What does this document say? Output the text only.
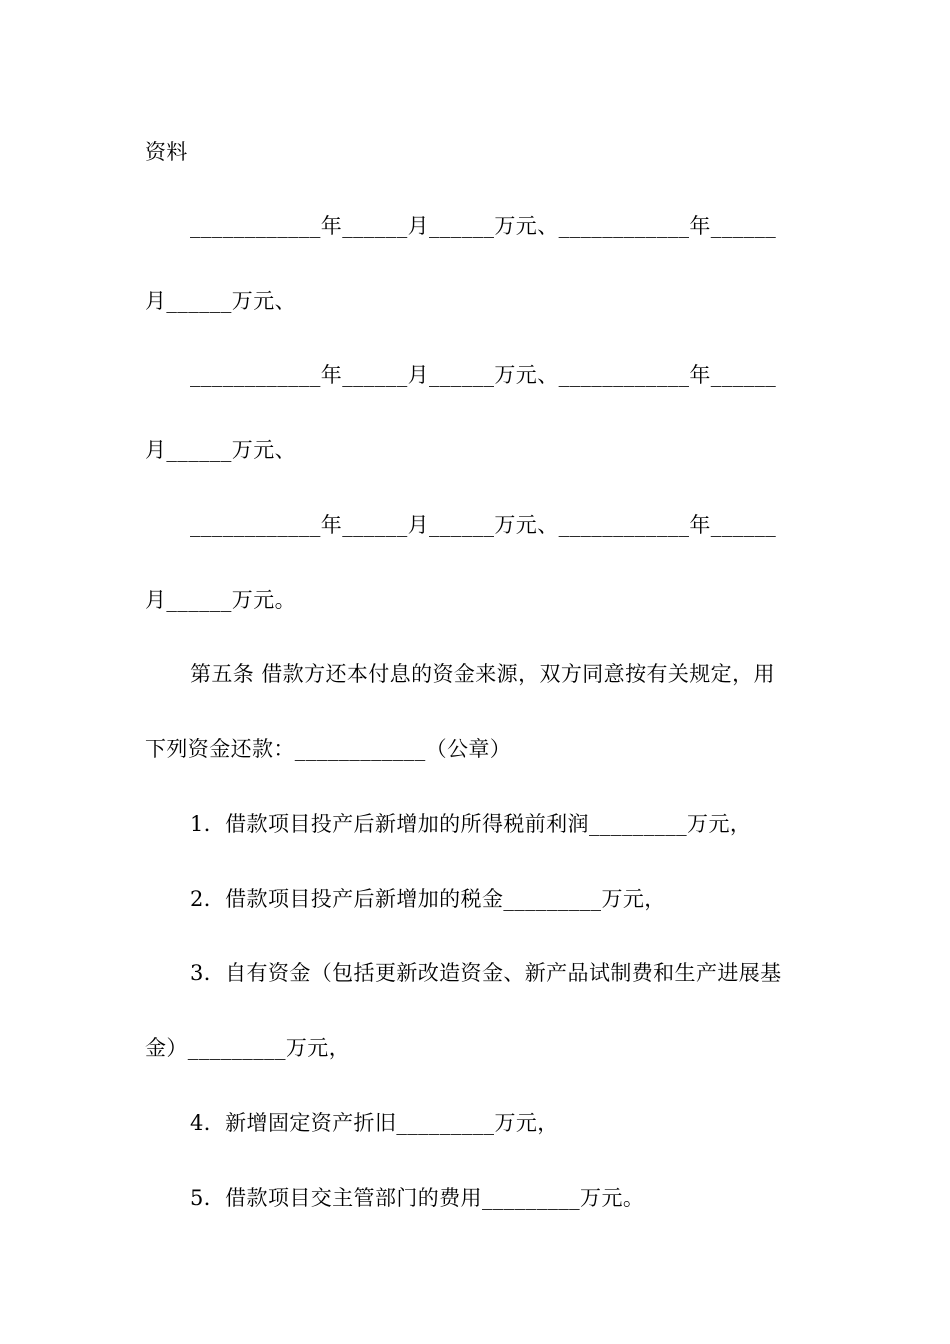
资料
____________年______月______万元、____________年______
月______万元、
____________年______月______万元、____________年______
月______万元、
____________年______月______万元、____________年______
月______万元。
第五条 借款方还本付息的资金来源，双方同意按有关规定，用
下列资金还款：____________（公章）
1．借款项目投产后新增加的所得税前利润_________万元，
2．借款项目投产后新增加的税金_________万元，
3．自有资金（包括更新改造资金、新产品试制费和生产进展基
金）_________万元，
4．新增固定资产折旧_________万元，
5．借款项目交主管部门的费用_________万元。
